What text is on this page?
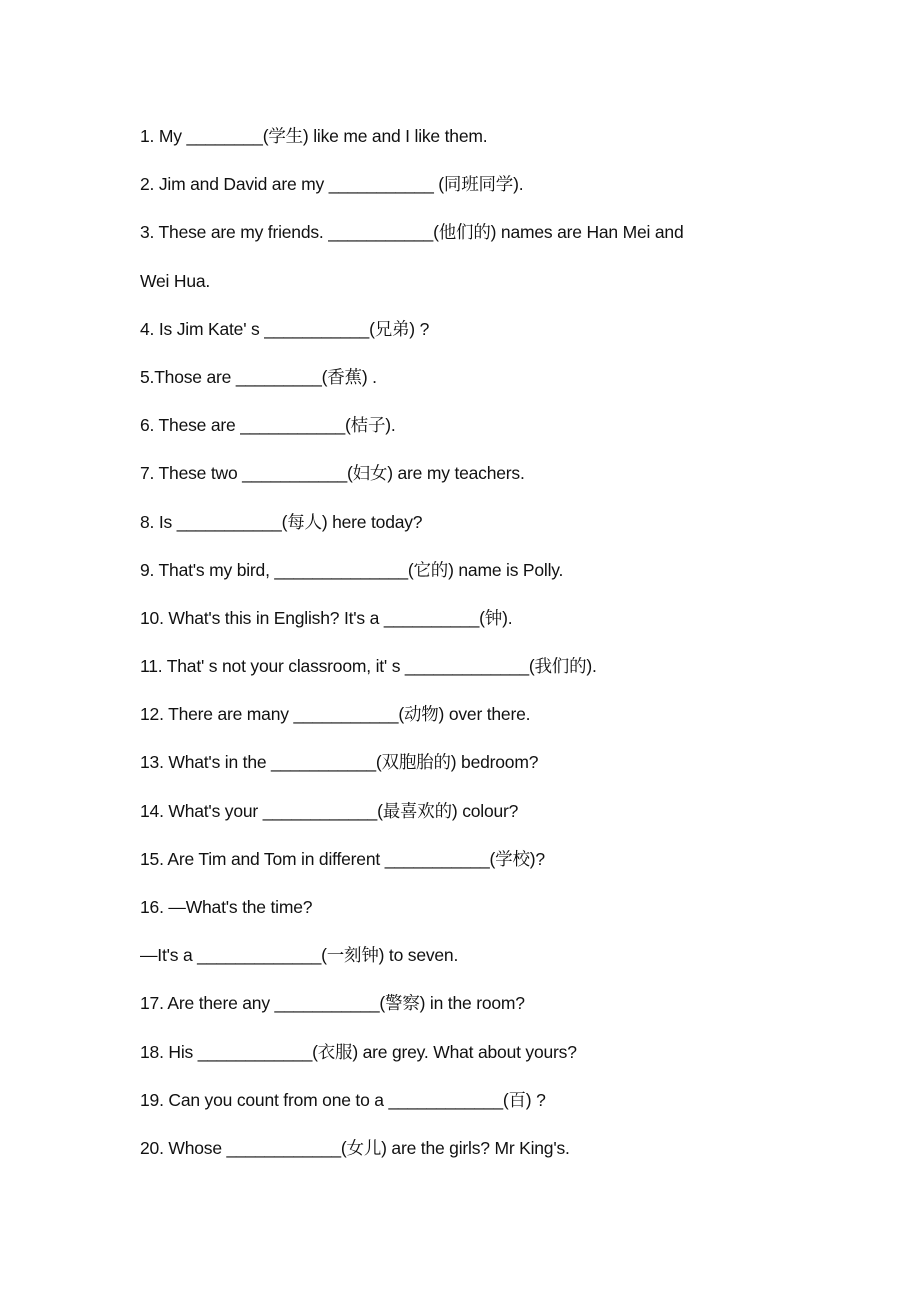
1. My ________(学生) like me and I like them.
2. Jim and David are my ___________ (同班同学).
3. These are my friends. ___________(他们的) names are Han Mei and
Wei Hua.
4. Is Jim Kate' s ___________(兄弟) ?
5.Those are _________(香蕉) .
6. These are ___________(桔子).
7. These two ___________(妇女) are my teachers.
8. Is ___________(每人) here today?
9. That's my bird, ______________(它的) name is Polly.
10. What's this in English? It's a __________(钟).
11. That' s not your classroom, it' s _____________(我们的).
12. There are many ___________(动物) over there.
13. What's in the ___________(双胞胎的) bedroom?
14. What's your ____________(最喜欢的) colour?
15. Are Tim and Tom in different ___________(学校)?
16. —What's the time?
—It's a _____________(一刻钟) to seven.
17. Are there any ___________(警察) in the room?
18. His ____________(衣服) are grey. What about yours?
19. Can you count from one to a ____________(百) ?
20. Whose ____________(女儿) are the girls? Mr King's.
